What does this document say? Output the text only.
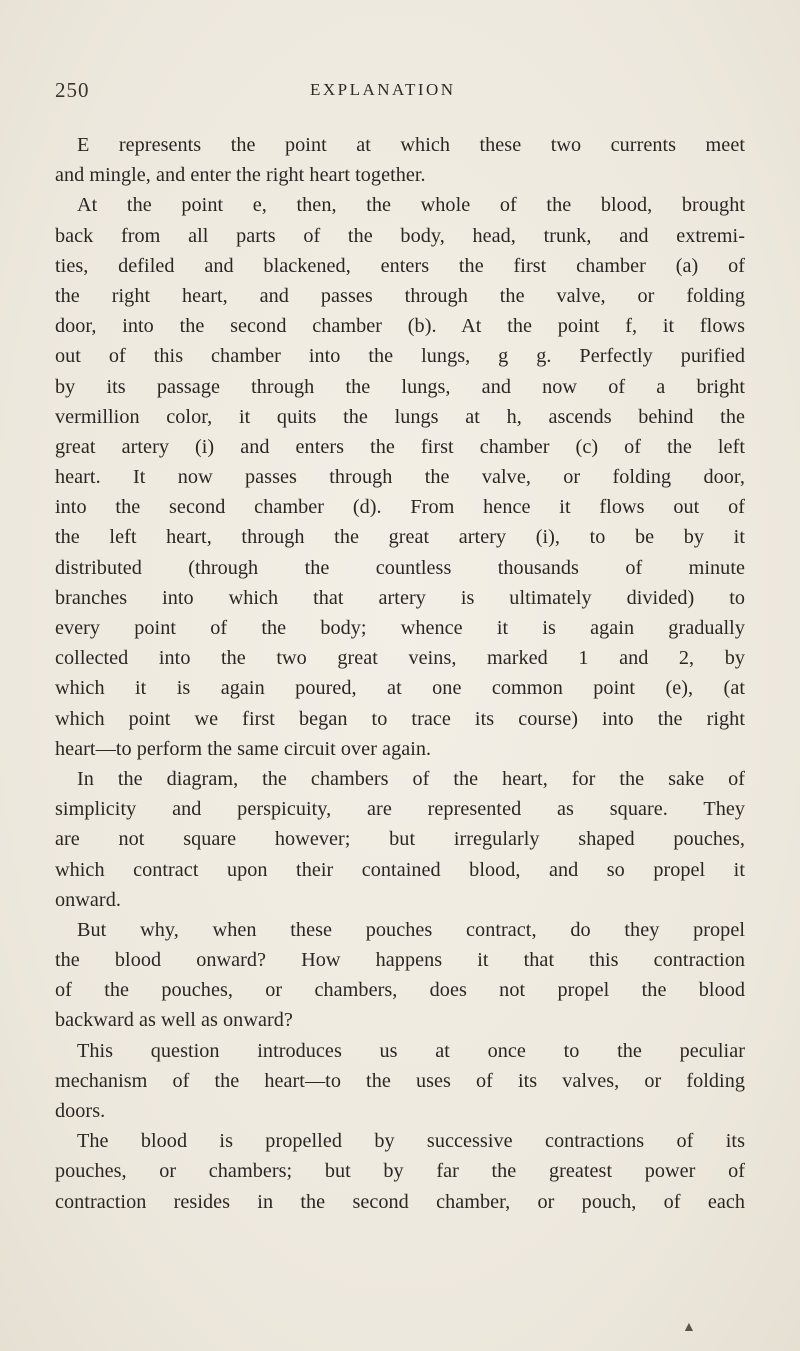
250	EXPLANATION
E represents the point at which these two currents meet
and mingle, and enter the right heart together.
At the point e, then, the whole of the blood, brought
back from all parts of the body, head, trunk, and extremi-
ties, defiled and blackened, enters the first chamber (a) of
the right heart, and passes through the valve, or folding
door, into the second chamber (b). At the point f, it flows
out of this chamber into the lungs, g g. Perfectly purified
by its passage through the lungs, and now of a bright
vermillion color, it quits the lungs at h, ascends behind the
great artery (i) and enters the first chamber (c) of the left
heart. It now passes through the valve, or folding door,
into the second chamber (d). From hence it flows out of
the left heart, through the great artery (i), to be by it
distributed (through the countless thousands of minute
branches into which that artery is ultimately divided) to
every point of the body; whence it is again gradually
collected into the two great veins, marked 1 and 2, by
which it is again poured, at one common point (e), (at
which point we first began to trace its course) into the right
heart—to perform the same circuit over again.
In the diagram, the chambers of the heart, for the sake of
simplicity and perspicuity, are represented as square. They
are not square however; but irregularly shaped pouches,
which contract upon their contained blood, and so propel it
onward.
But why, when these pouches contract, do they propel
the blood onward? How happens it that this contraction
of the pouches, or chambers, does not propel the blood
backward as well as onward?
This question introduces us at once to the peculiar
mechanism of the heart—to the uses of its valves, or folding
doors.
The blood is propelled by successive contractions of its
pouches, or chambers; but by far the greatest power of
contraction resides in the second chamber, or pouch, of each
▲
